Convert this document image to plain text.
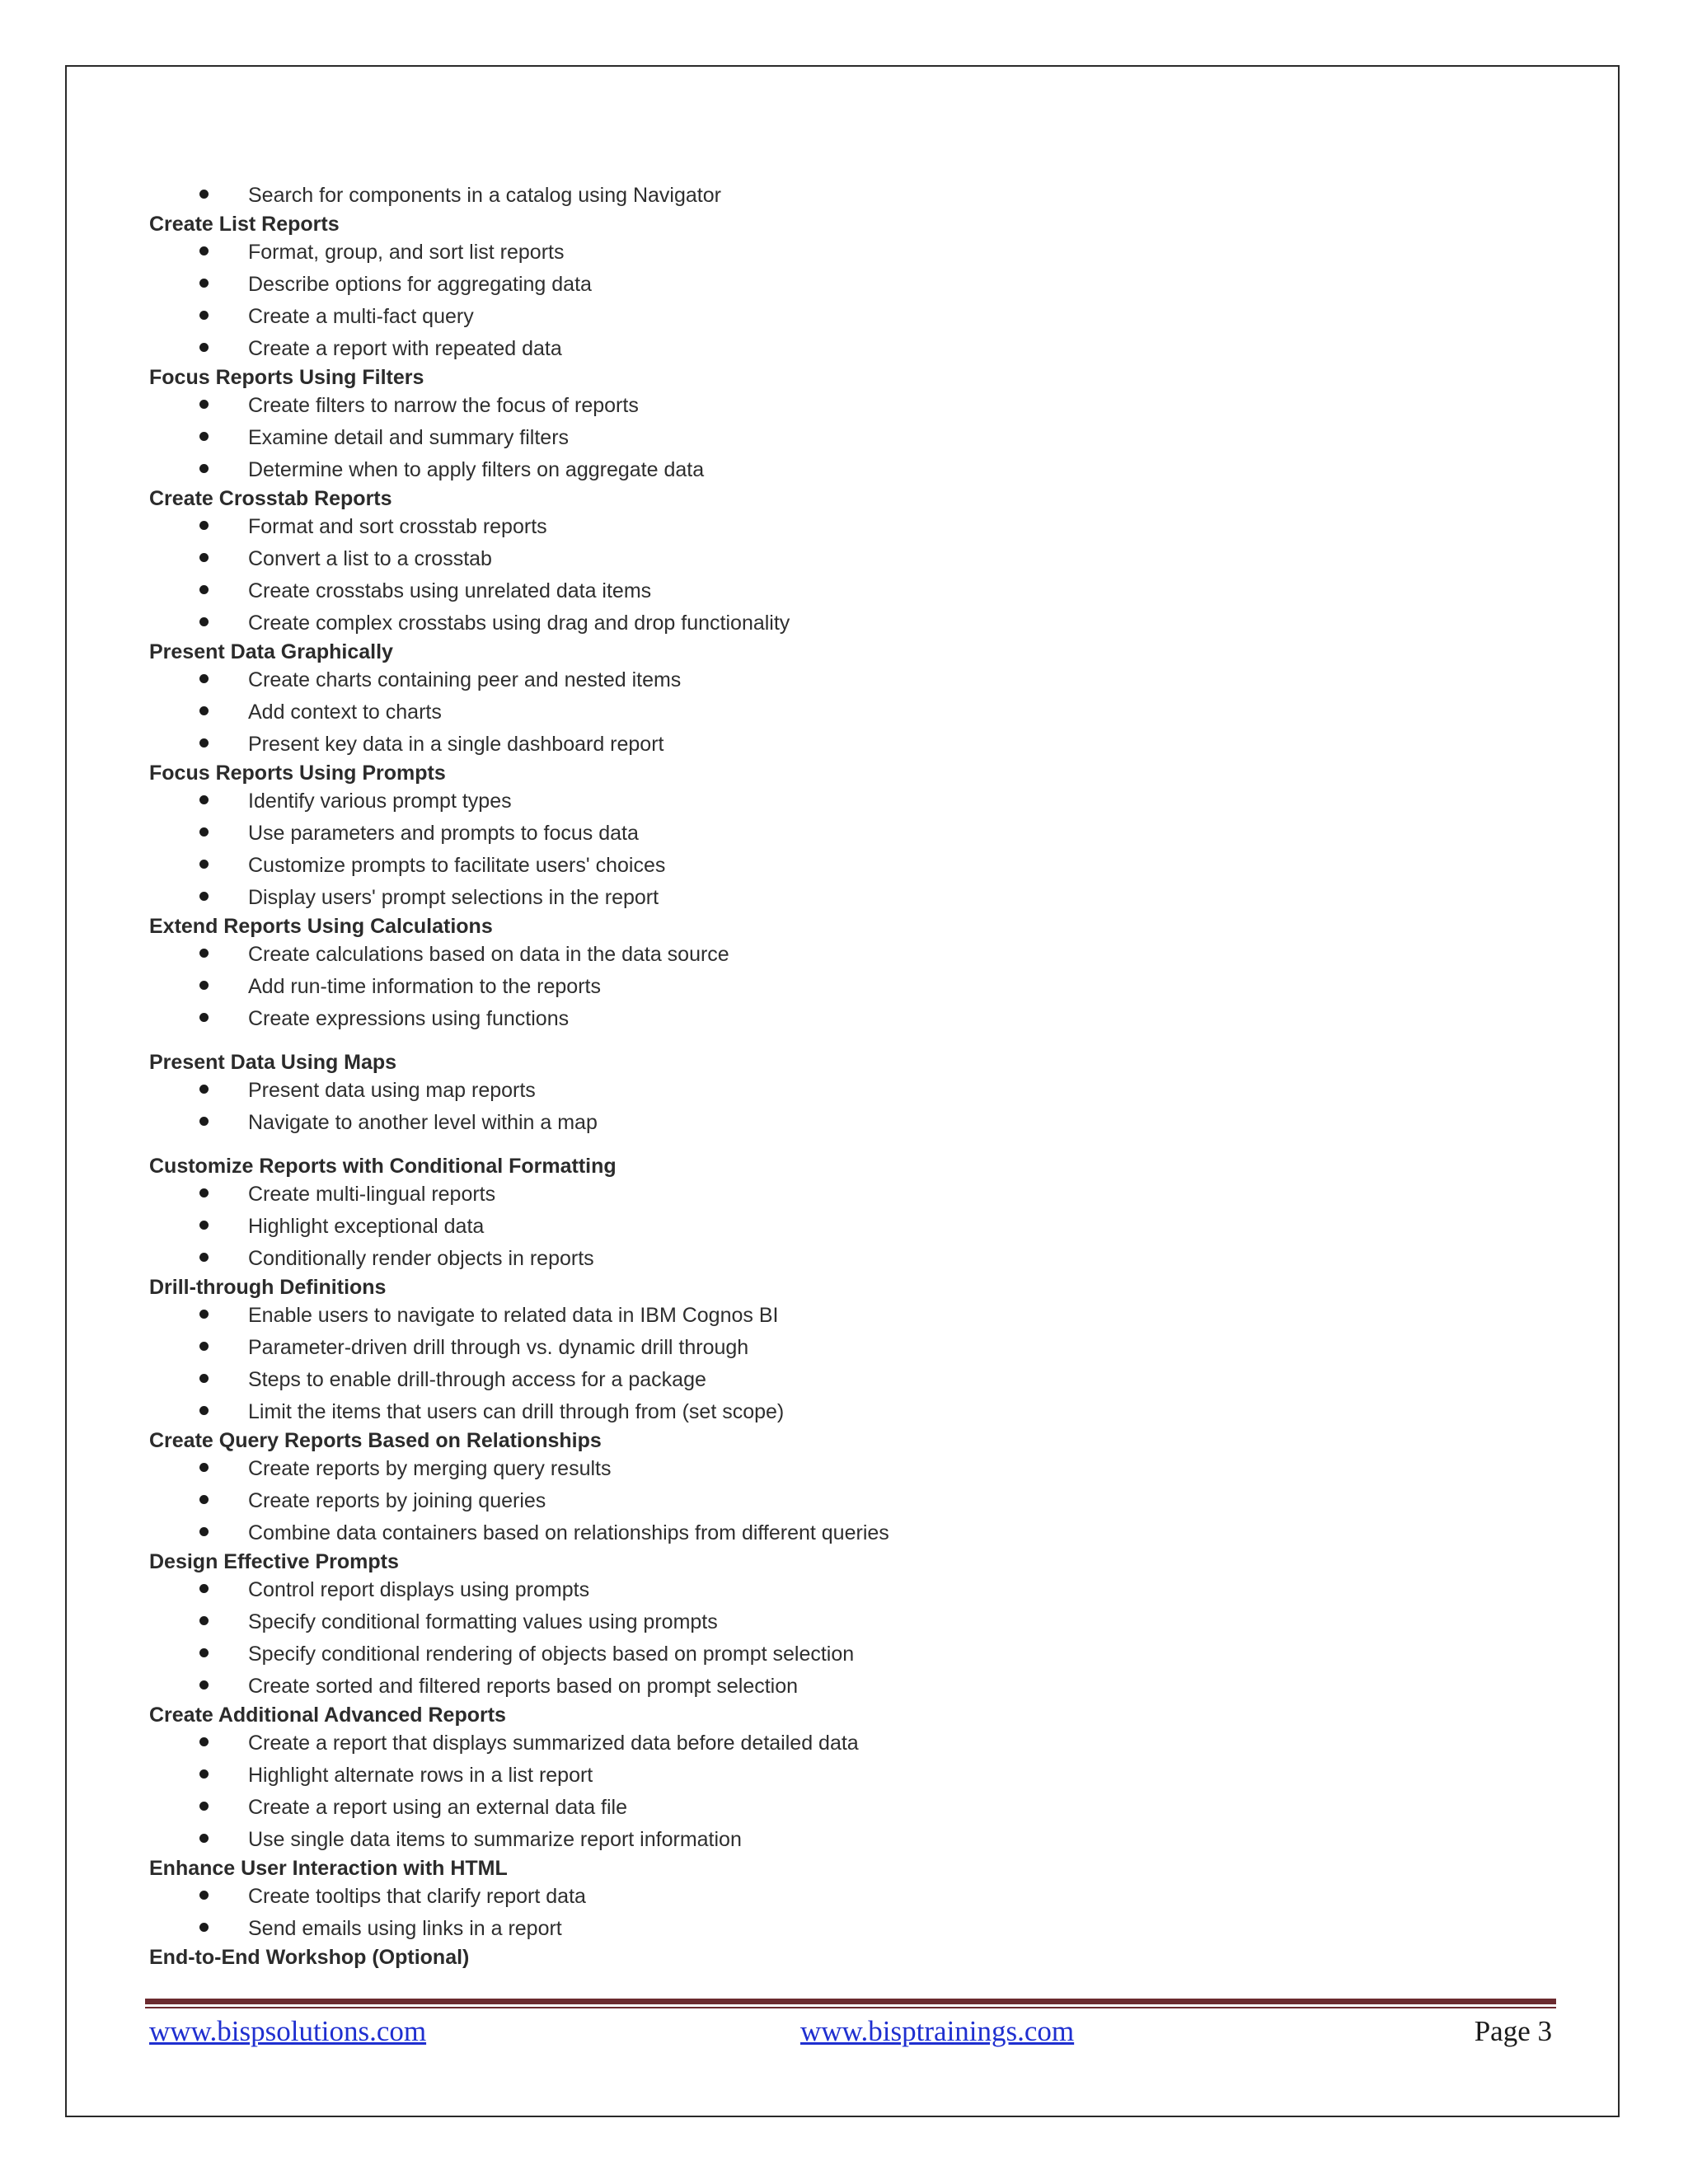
Search for components in a catalog using Navigator

Create List Reports

Format, group, and sort list reports
Describe options for aggregating data
Create a multi-fact query
Create a report with repeated data

Focus Reports Using Filters

Create filters to narrow the focus of reports
Examine detail and summary filters
Determine when to apply filters on aggregate data

Create Crosstab Reports

Format and sort crosstab reports
Convert a list to a crosstab
Create crosstabs using unrelated data items
Create complex crosstabs using drag and drop functionality

Present Data Graphically

Create charts containing peer and nested items
Add context to charts
Present key data in a single dashboard report

Focus Reports Using Prompts

Identify various prompt types
Use parameters and prompts to focus data
Customize prompts to facilitate users' choices
Display users' prompt selections in the report

Extend Reports Using Calculations

Create calculations based on data in the data source
Add run-time information to the reports
Create expressions using functions

Present Data Using Maps

Present data using map reports
Navigate to another level within a map

Customize Reports with Conditional Formatting

Create multi-lingual reports
Highlight exceptional data
Conditionally render objects in reports

Drill-through Definitions

Enable users to navigate to related data in IBM Cognos BI
Parameter-driven drill through vs. dynamic drill through
Steps to enable drill-through access for a package
Limit the items that users can drill through from (set scope)

Create Query Reports Based on Relationships

Create reports by merging query results
Create reports by joining queries
Combine data containers based on relationships from different queries

Design Effective Prompts

Control report displays using prompts
Specify conditional formatting values using prompts
Specify conditional rendering of objects based on prompt selection
Create sorted and filtered reports based on prompt selection

Create Additional Advanced Reports

Create a report that displays summarized data before detailed data
Highlight alternate rows in a list report
Create a report using an external data file
Use single data items to summarize report information

Enhance User Interaction with HTML

Create tooltips that clarify report data
Send emails using links in a report

End-to-End Workshop (Optional)

www.bispsolutions.com	www.bisptrainings.com	Page 3
